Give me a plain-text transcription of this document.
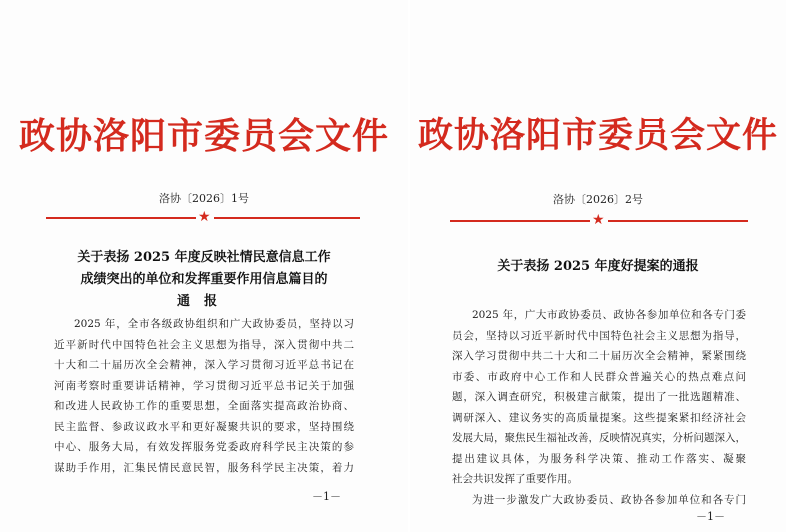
政协洛阳市委员会文件
洛协〔2026〕1号
★
关于表扬 2025 年度反映社情民意信息工作
成绩突出的单位和发挥重要作用信息篇目的
通报
2025 年，全市各级政协组织和广大政协委员，坚持以习
近平新时代中国特色社会主义思想为指导，深入贯彻中共二
十大和二十届历次全会精神，深入学习贯彻习近平总书记在
河南考察时重要讲话精神，学习贯彻习近平总书记关于加强
和改进人民政协工作的重要思想，全面落实提高政治协商、
民主监督、参政议政水平和更好凝聚共识的要求，坚持围绕
中心、服务大局，有效发挥服务党委政府科学民主决策的参
谋助手作用，汇集民情民意民智，服务科学民主决策，着力
－1－
政协洛阳市委员会文件
洛协〔2026〕2号
★
关于表扬 2025 年度好提案的通报
2025 年，广大市政协委员、政协各参加单位和各专门委
员会，坚持以习近平新时代中国特色社会主义思想为指导，
深入学习贯彻中共二十大和二十届历次全会精神，紧紧围绕
市委、市政府中心工作和人民群众普遍关心的热点难点问
题，深入调查研究，积极建言献策，提出了一批选题精准、
调研深入、建议务实的高质量提案。这些提案紧扣经济社会
发展大局，聚焦民生福祉改善，反映情况真实，分析问题深入，
提出建议具体，为服务科学决策、推动工作落实、凝聚
社会共识发挥了重要作用。
为进一步激发广大政协委员、政协各参加单位和各专门
－1－
